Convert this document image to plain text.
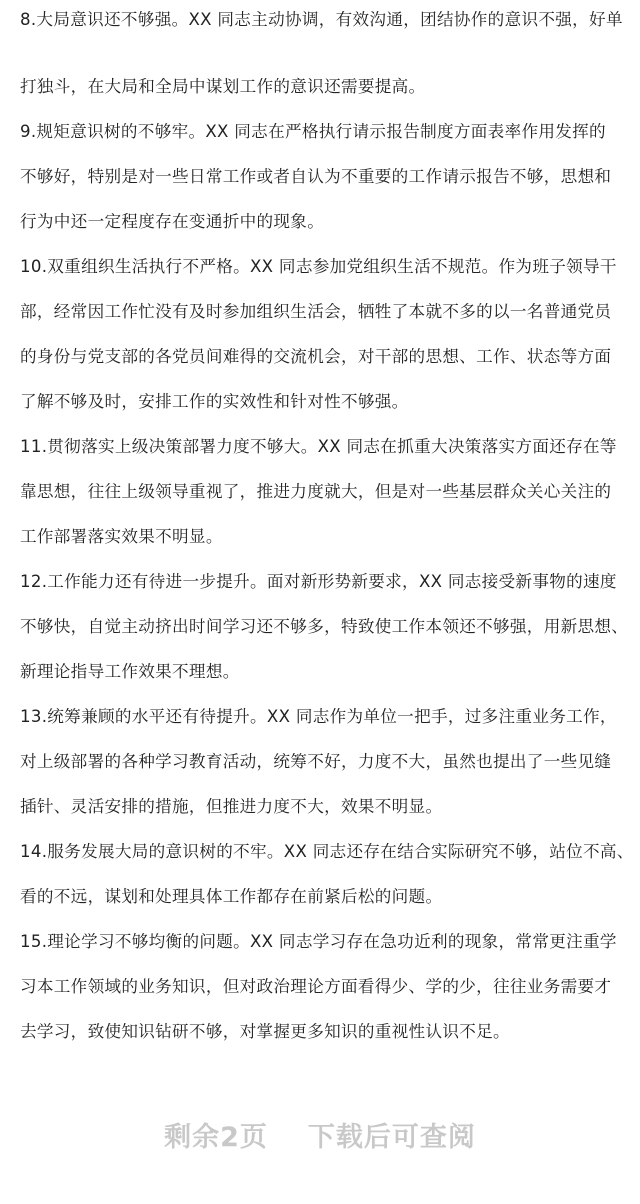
8.大局意识还不够强。XX 同志主动协调，有效沟通，团结协作的意识不强，好单
打独斗，在大局和全局中谋划工作的意识还需要提高。
9.规矩意识树的不够牢。XX 同志在严格执行请示报告制度方面表率作用发挥的
不够好，特别是对一些日常工作或者自认为不重要的工作请示报告不够，思想和
行为中还一定程度存在变通折中的现象。
10.双重组织生活执行不严格。XX 同志参加党组织生活不规范。作为班子领导干
部，经常因工作忙没有及时参加组织生活会，牺牲了本就不多的以一名普通党员
的身份与党支部的各党员间难得的交流机会，对干部的思想、工作、状态等方面
了解不够及时，安排工作的实效性和针对性不够强。
11.贯彻落实上级决策部署力度不够大。XX 同志在抓重大决策落实方面还存在等
靠思想，往往上级领导重视了，推进力度就大，但是对一些基层群众关心关注的
工作部署落实效果不明显。
12.工作能力还有待进一步提升。面对新形势新要求，XX 同志接受新事物的速度
不够快，自觉主动挤出时间学习还不够多，特致使工作本领还不够强，用新思想、
新理论指导工作效果不理想。
13.统筹兼顾的水平还有待提升。XX 同志作为单位一把手，过多注重业务工作，
对上级部署的各种学习教育活动，统筹不好，力度不大，虽然也提出了一些见缝
插针、灵活安排的措施，但推进力度不大，效果不明显。
14.服务发展大局的意识树的不牢。XX 同志还存在结合实际研究不够，站位不高、
看的不远，谋划和处理具体工作都存在前紧后松的问题。
15.理论学习不够均衡的问题。XX 同志学习存在急功近利的现象，常常更注重学
习本工作领域的业务知识，但对政治理论方面看得少、学的少，往往业务需要才
去学习，致使知识钻研不够，对掌握更多知识的重视性认识不足。
剩余2页 下载后可查阅
